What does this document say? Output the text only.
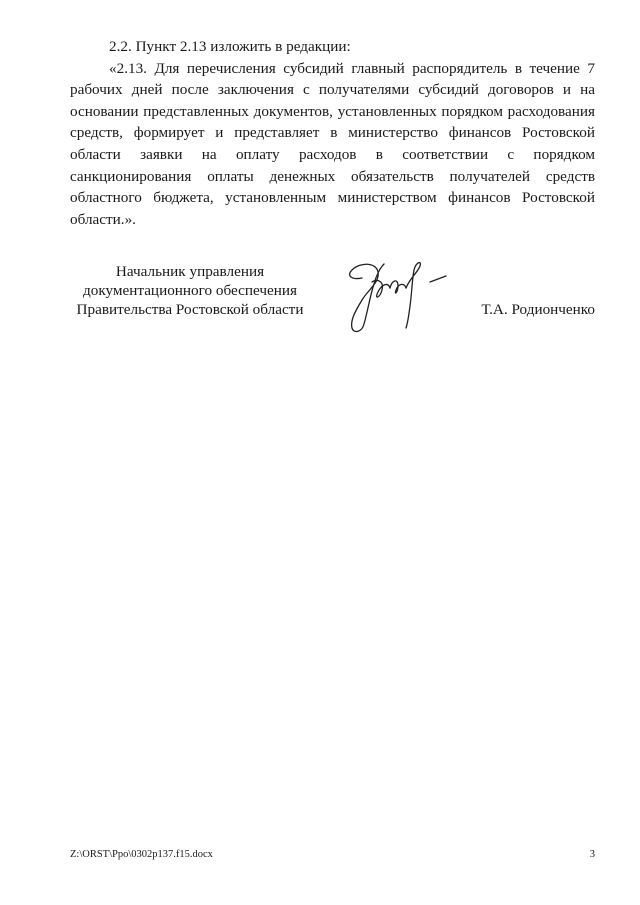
2.2. Пункт 2.13 изложить в редакции:

«2.13. Для перечисления субсидий главный распорядитель в течение 7 рабочих дней после заключения с получателями субсидий договоров и на основании представленных документов, установленных порядком расходования средств, формирует и представляет в министерство финансов Ростовской области заявки на оплату расходов в соответствии с порядком санкционирования оплаты денежных обязательств получателей средств областного бюджета, установленным министерством финансов Ростовской области.».

Начальник управления
документационного обеспечения
Правительства Ростовской области	Т.А. Родионченко
Z:\ORST\Ppo\0302p137.f15.docx	3
